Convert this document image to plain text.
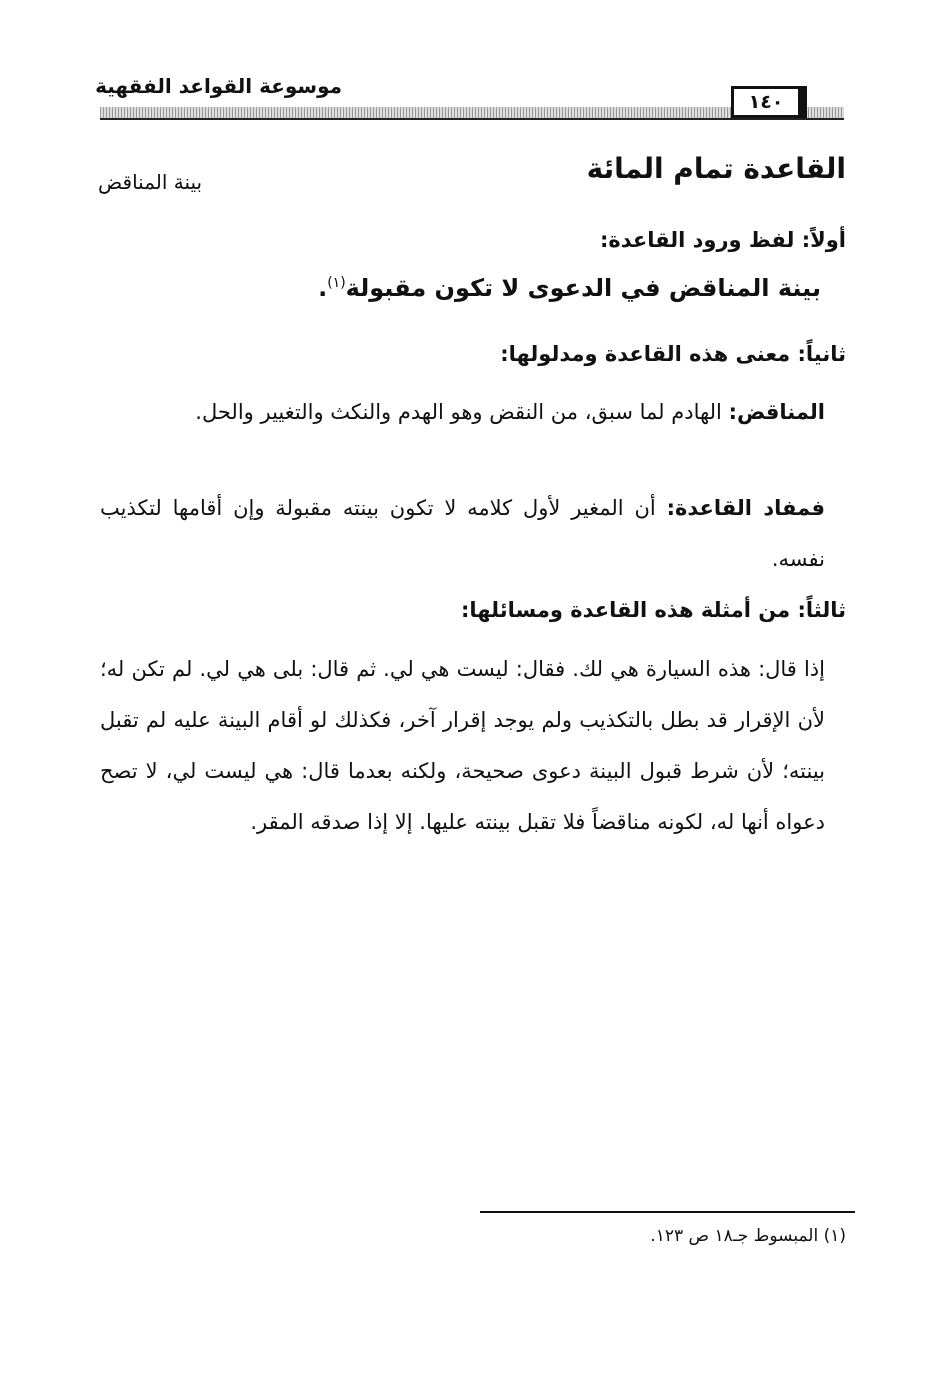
موسوعة القواعد الفقهية
١٤٠
القاعدة تمام المائة
بينة المناقض
أولاً: لفظ ورود القاعدة:
بينة المناقض في الدعوى لا تكون مقبولة$^{(١)}$.
ثانياً: معنى هذه القاعدة ومدلولها:
المناقض: الهادم لما سبق، من النقض وهو الهدم والنكث والتغيير والحل.
فمفاد القاعدة: أن المغير لأول كلامه لا تكون بينته مقبولة وإن أقامها لتكذيب نفسه.
ثالثاً: من أمثلة هذه القاعدة ومسائلها:
إذا قال: هذه السيارة هي لك. فقال: ليست هي لي. ثم قال: بلى هي لي. لم تكن له؛ لأن الإقرار قد بطل بالتكذيب ولم يوجد إقرار آخر، فكذلك لو أقام البينة عليه لم تقبل بينته؛ لأن شرط قبول البينة دعوى صحيحة، ولكنه بعدما قال: هي ليست لي، لا تصح دعواه أنها له، لكونه مناقضاً فلا تقبل بينته عليها. إلا إذا صدقه المقر.
(١) المبسوط جـ١٨ ص ١٢٣.
